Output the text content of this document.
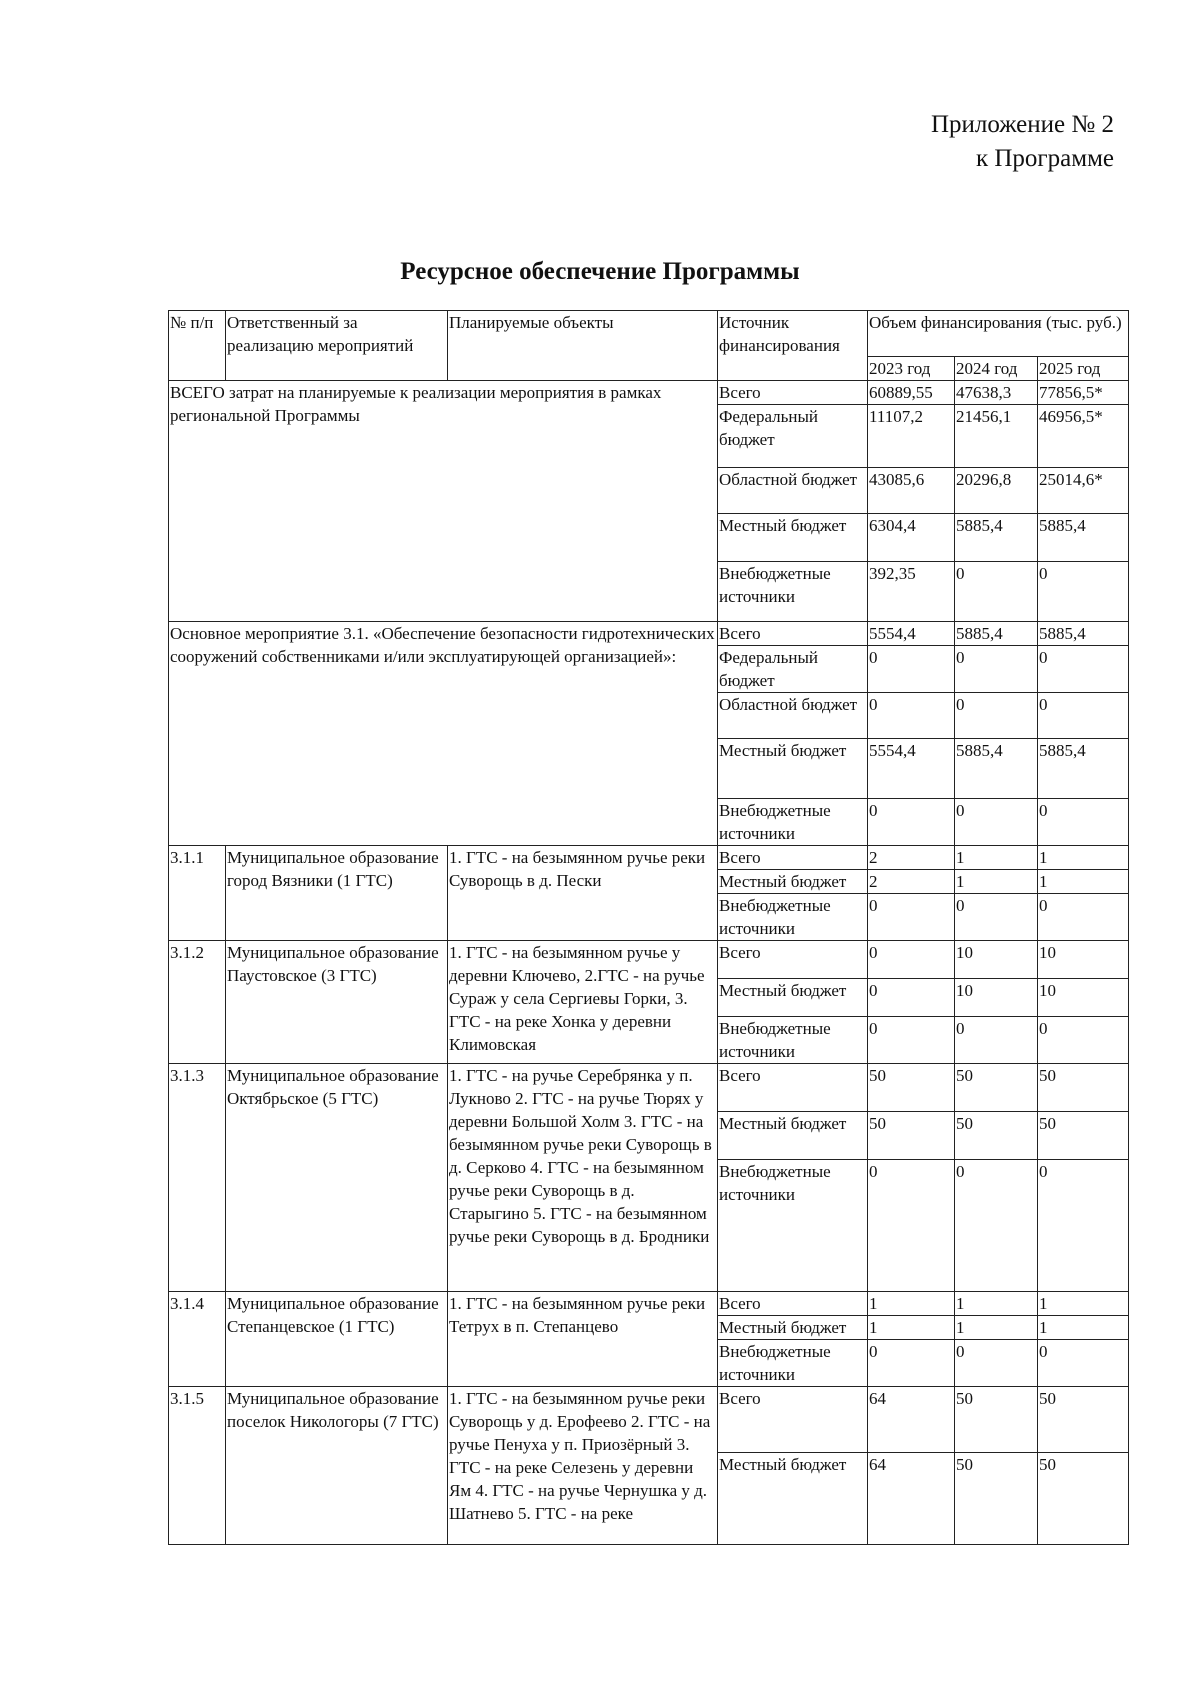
Приложение № 2
к Программе
Ресурсное обеспечение Программы
№ п/п	Ответственный за реализацию мероприятий	Планируемые объекты	Источник финансирования	Объем финансирования (тыс. руб.)		
				2023 год	2024 год	2025 год
ВСЕГО затрат на планируемые к реализации мероприятия в рамках региональной Программы			Всего	60889,55	47638,3	77856,5*
			Федеральный бюджет	11107,2	21456,1	46956,5*
			Областной бюджет	43085,6	20296,8	25014,6*
			Местный бюджет	6304,4	5885,4	5885,4
			Внебюджетные источники	392,35	0	0
Основное мероприятие 3.1. «Обеспечение безопасности гидротехнических сооружений собственниками и/или эксплуатирующей организацией»:			Всего	5554,4	5885,4	5885,4
			Федеральный бюджет	0	0	0
			Областной бюджет	0	0	0
			Местный бюджет	5554,4	5885,4	5885,4
			Внебюджетные источники	0	0	0
3.1.1	Муниципальное образование город Вязники (1 ГТС)	1. ГТС - на безымянном ручье реки Суворощь в д. Пески	Всего	2	1	1
			Местный бюджет	2	1	1
			Внебюджетные источники	0	0	0
3.1.2	Муниципальное образование Паустовское (3 ГТС)	1. ГТС - на безымянном ручье у деревни Ключево, 2.ГТС - на ручье Сураж у села Сергиевы Горки, 3. ГТС - на реке Хонка у деревни Климовская	Всего	0	10	10
			Местный бюджет	0	10	10
			Внебюджетные источники	0	0	0
3.1.3	Муниципальное образование Октябрьское (5 ГТС)	1. ГТС - на ручье Серебрянка у п. Лукново 2. ГТС - на ручье Тюрях у деревни Большой Холм 3. ГТС - на безымянном ручье реки Суворощь в д. Серково 4. ГТС - на безымянном ручье реки Суворощь в д. Старыгино 5. ГТС - на безымянном ручье реки Суворощь в д. Бродники	Всего	50	50	50
			Местный бюджет	50	50	50
			Внебюджетные источники	0	0	0
3.1.4	Муниципальное образование Степанцевское (1 ГТС)	1. ГТС - на безымянном ручье реки Тетрух в п. Степанцево	Всего	1	1	1
			Местный бюджет	1	1	1
			Внебюджетные источники	0	0	0
3.1.5	Муниципальное образование поселок Никологоры (7 ГТС)	1. ГТС - на безымянном ручье реки Суворощь у д. Ерофеево 2. ГТС - на ручье Пенуха у п. Приозёрный 3. ГТС - на реке Селезень у деревни Ям 4. ГТС - на ручье Чернушка у д. Шатнево 5. ГТС - на реке	Всего	64	50	50
			Местный бюджет	64	50	50
